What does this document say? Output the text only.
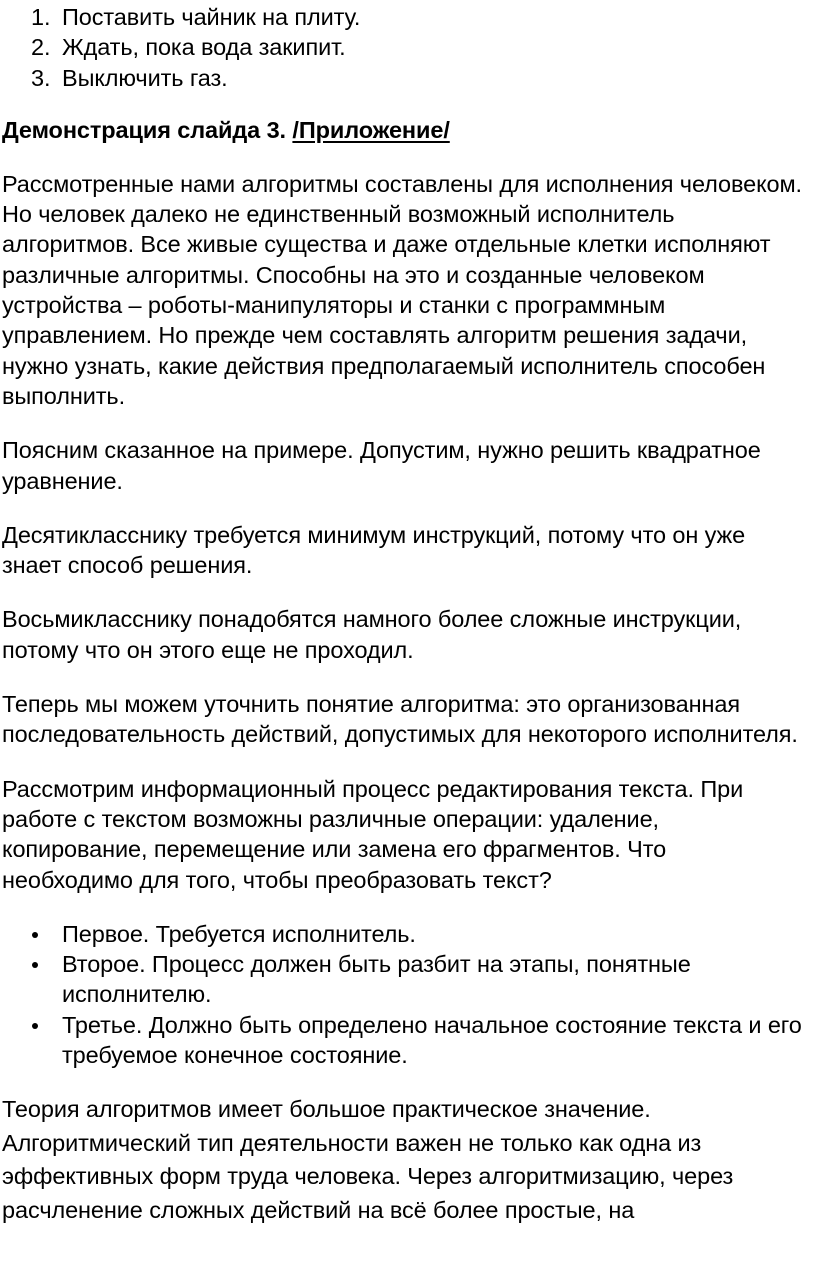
1. Поставить чайник на плиту.
2. Ждать, пока вода закипит.
3. Выключить газ.
Демонстрация слайда 3. /Приложение/

Рассмотренные нами алгоритмы составлены для исполнения человеком. Но человек далеко не единственный возможный исполнитель алгоритмов. Все живые существа и даже отдельные клетки исполняют различные алгоритмы. Способны на это и созданные человеком устройства – роботы-манипуляторы и станки с программным управлением. Но прежде чем составлять алгоритм решения задачи, нужно узнать, какие действия предполагаемый исполнитель способен выполнить.

Поясним сказанное на примере. Допустим, нужно решить квадратное уравнение.

Десятикласснику требуется минимум инструкций, потому что он уже знает способ решения.

Восьмикласснику понадобятся намного более сложные инструкции, потому что он этого еще не проходил.

Теперь мы можем уточнить понятие алгоритма: это организованная последовательность действий, допустимых для некоторого исполнителя.

Рассмотрим информационный процесс редактирования текста. При работе с текстом возможны различные операции: удаление, копирование, перемещение или замена его фрагментов. Что необходимо для того, чтобы преобразовать текст?

Первое. Требуется исполнитель.
Второе. Процесс должен быть разбит на этапы, понятные исполнителю.
Третье. Должно быть определено начальное состояние текста и его требуемое конечное состояние.

Теория алгоритмов имеет большое практическое значение. Алгоритмический тип деятельности важен не только как одна из эффективных форм труда человека. Через алгоритмизацию, через расчленение сложных действий на всё более простые, на
